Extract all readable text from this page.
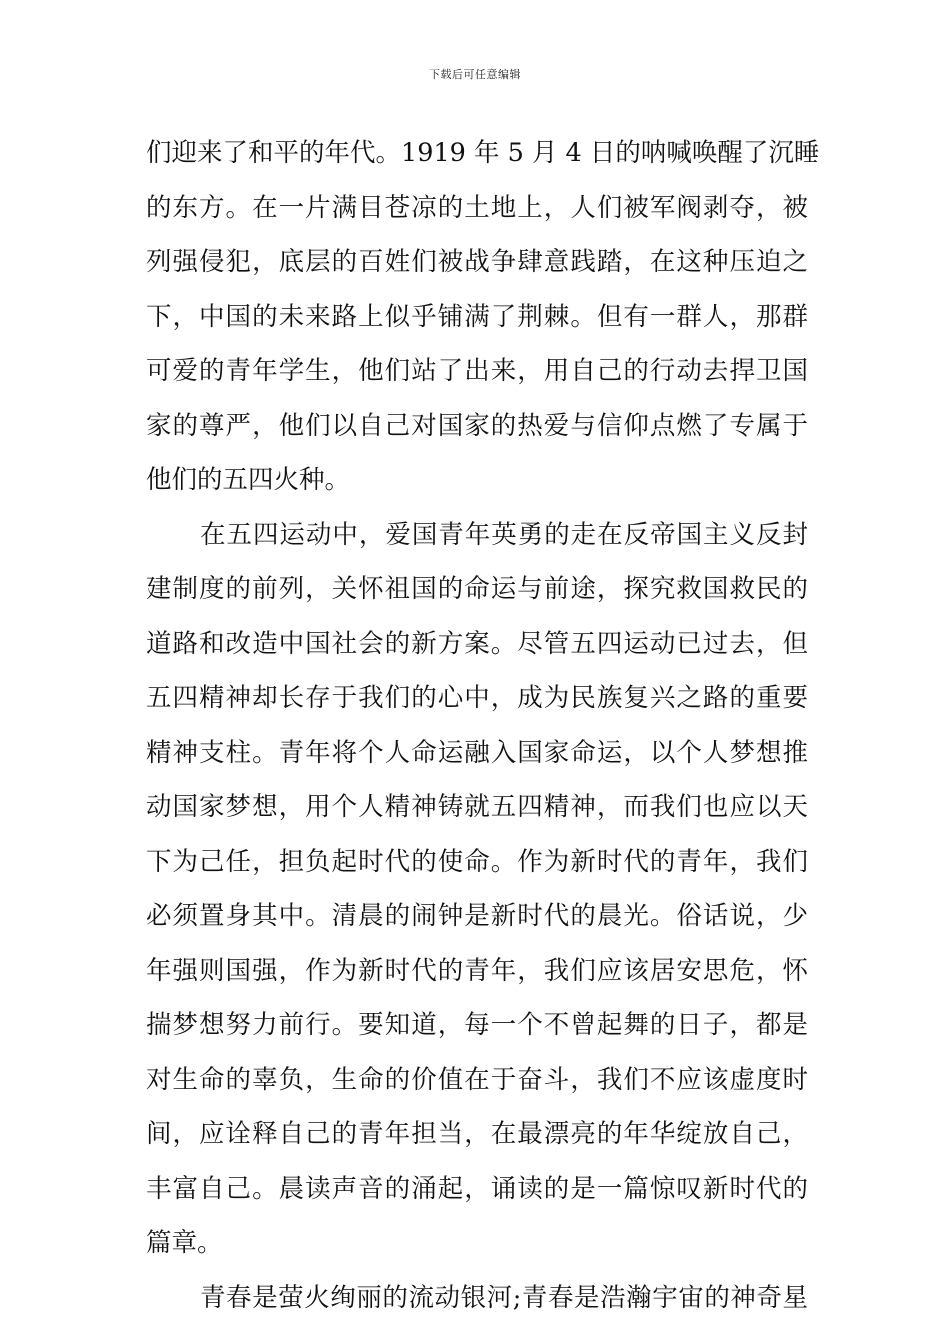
下载后可任意编辑
们迎来了和平的年代。1919 年 5 月 4 日的呐喊唤醒了沉睡
的东方。在一片满目苍凉的土地上，人们被军阀剥夺，被
列强侵犯，底层的百姓们被战争肆意践踏，在这种压迫之
下，中国的未来路上似乎铺满了荆棘。但有一群人，那群
可爱的青年学生，他们站了出来，用自己的行动去捍卫国
家的尊严，他们以自己对国家的热爱与信仰点燃了专属于
他们的五四火种。
在五四运动中，爱国青年英勇的走在反帝国主义反封
建制度的前列，关怀祖国的命运与前途，探究救国救民的
道路和改造中国社会的新方案。尽管五四运动已过去，但
五四精神却长存于我们的心中，成为民族复兴之路的重要
精神支柱。青年将个人命运融入国家命运，以个人梦想推
动国家梦想，用个人精神铸就五四精神，而我们也应以天
下为己任，担负起时代的使命。作为新时代的青年，我们
必须置身其中。清晨的闹钟是新时代的晨光。俗话说，少
年强则国强，作为新时代的青年，我们应该居安思危，怀
揣梦想努力前行。要知道，每一个不曾起舞的日子，都是
对生命的辜负，生命的价值在于奋斗，我们不应该虚度时
间，应诠释自己的青年担当，在最漂亮的年华绽放自己，
丰富自己。晨读声音的涌起，诵读的是一篇惊叹新时代的
篇章。
青春是萤火绚丽的流动银河;青春是浩瀚宇宙的神奇星
